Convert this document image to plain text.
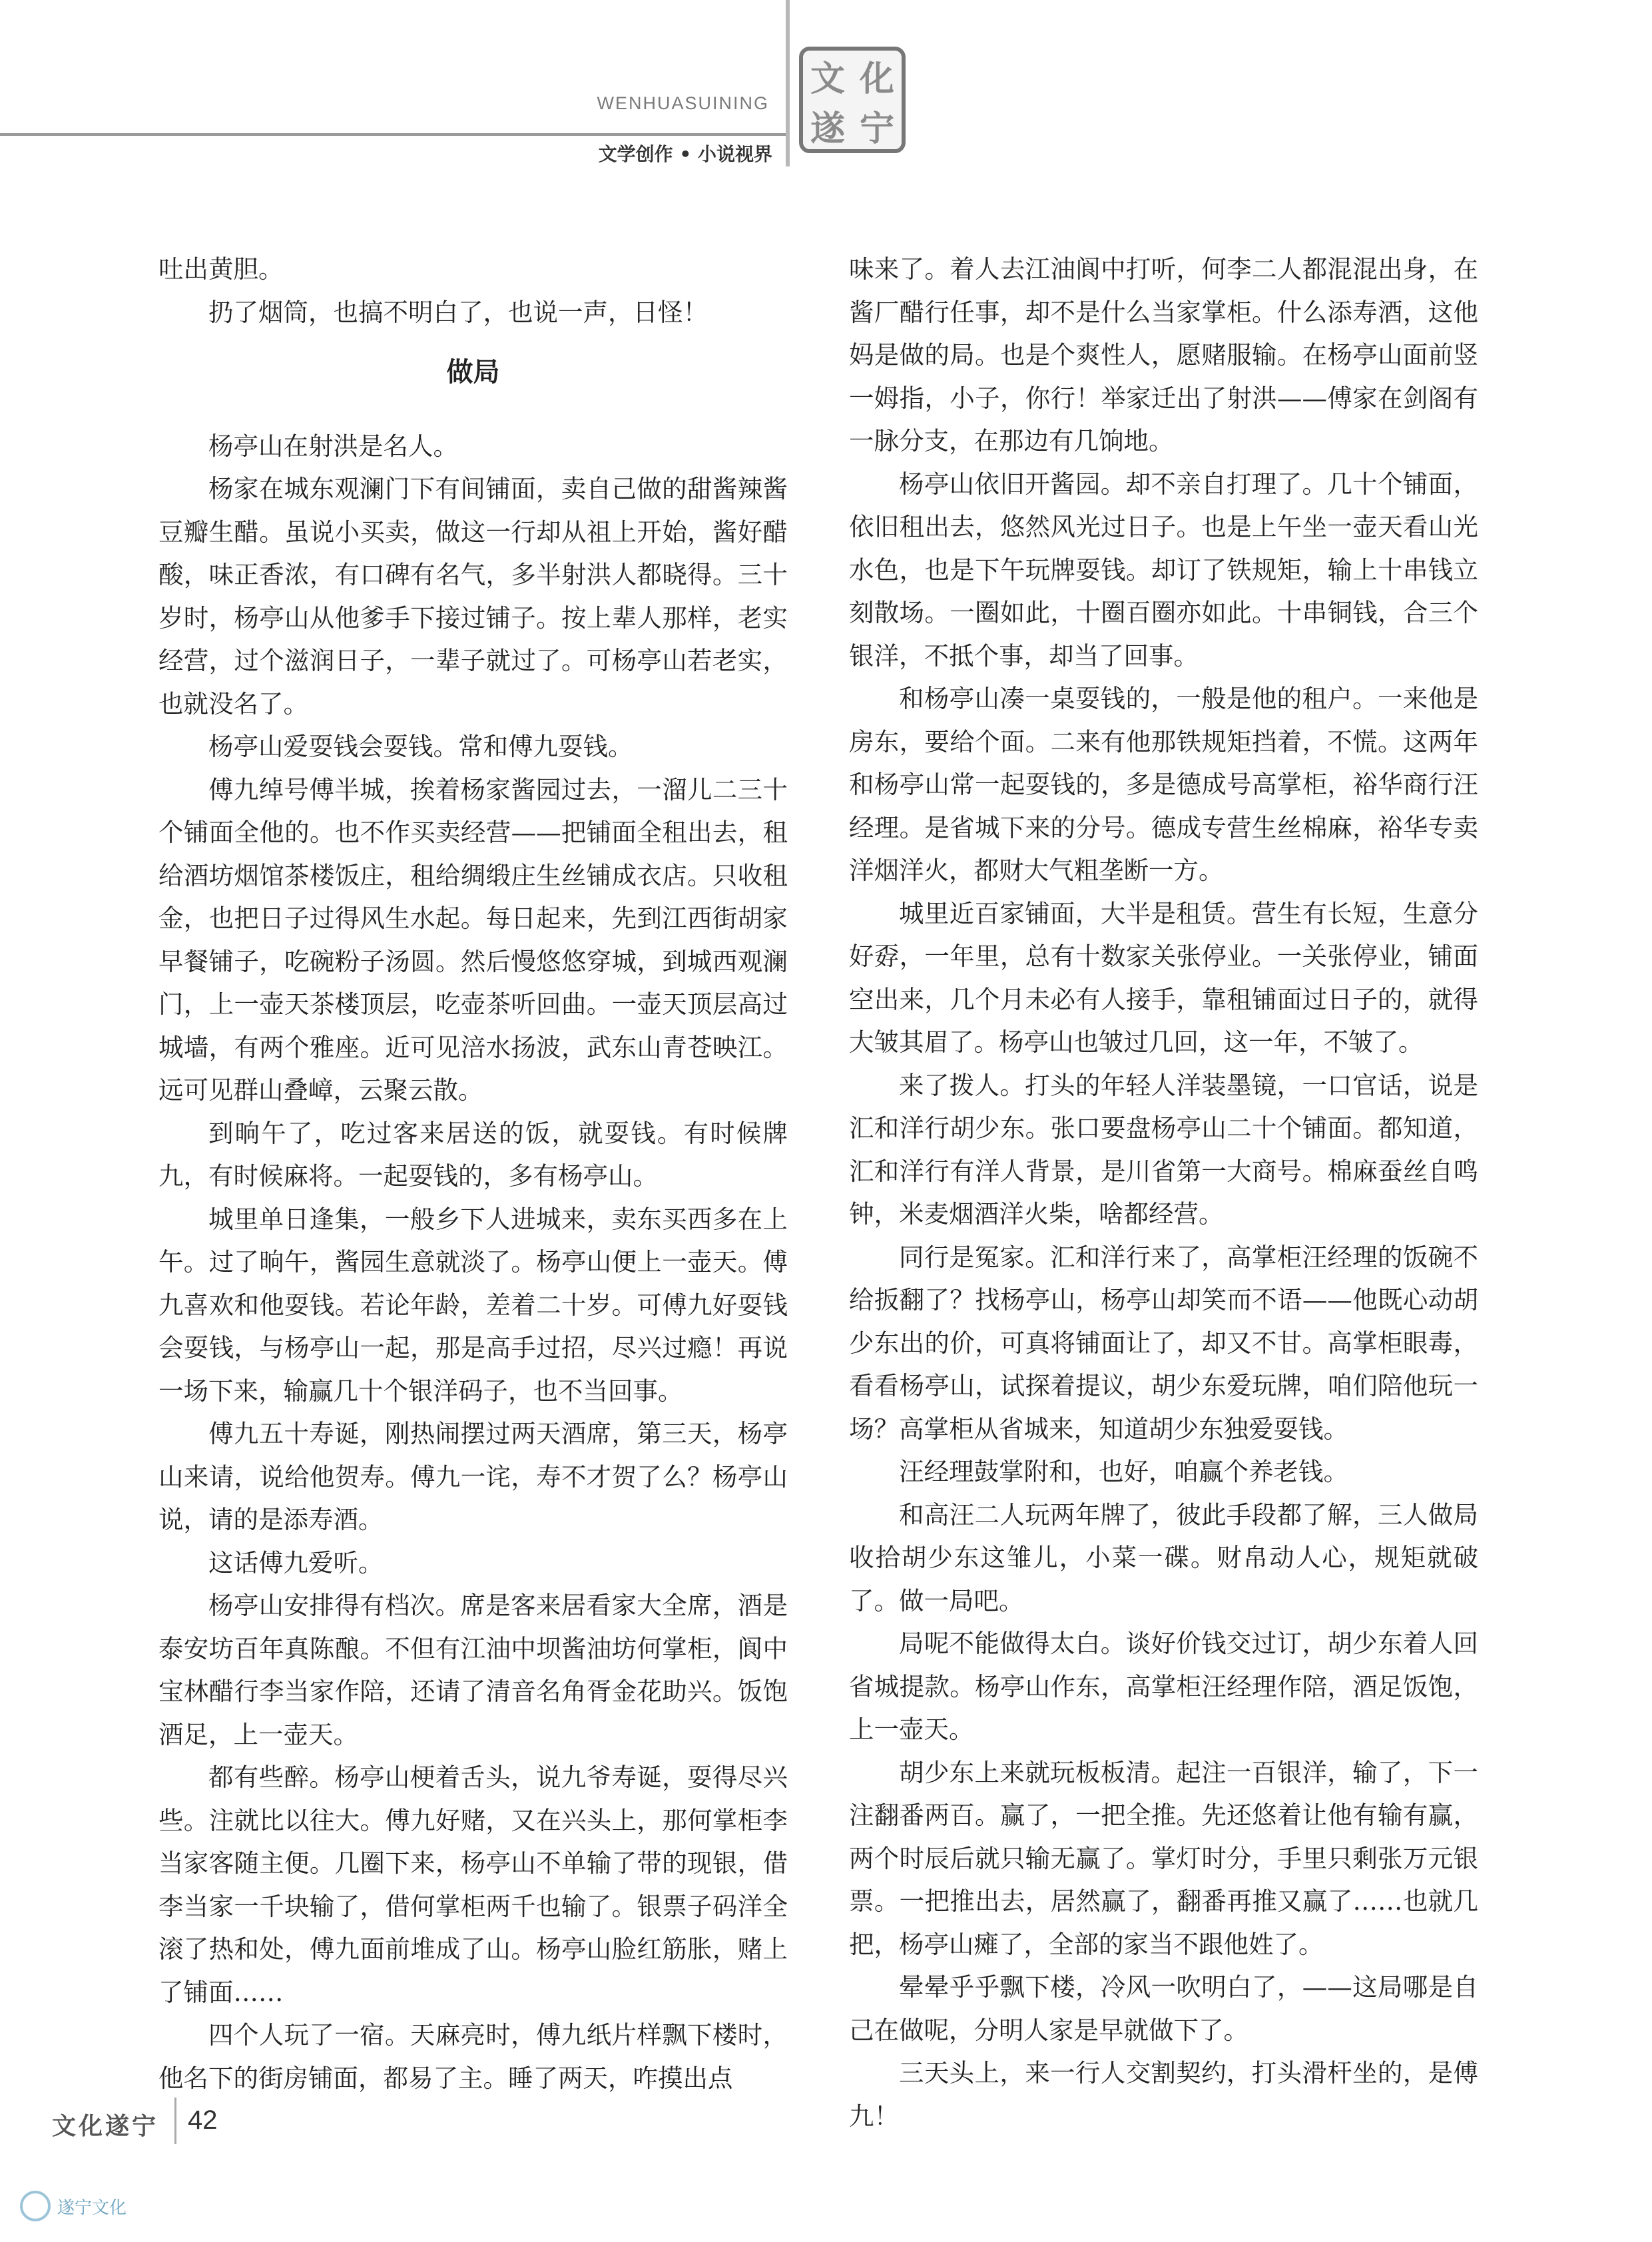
WENHUASUINING
文学创作 • 小说视界
文 化
遂 宁

吐出黄胆。

扔了烟筒，也搞不明白了，也说一声，日怪！

做局

杨亭山在射洪是名人。

杨家在城东观澜门下有间铺面，卖自己做的甜酱辣酱豆瓣生醋。虽说小买卖，做这一行却从祖上开始，酱好醋酸，味正香浓，有口碑有名气，多半射洪人都晓得。三十岁时，杨亭山从他爹手下接过铺子。按上辈人那样，老实经营，过个滋润日子，一辈子就过了。可杨亭山若老实，也就没名了。

杨亭山爱耍钱会耍钱。常和傅九耍钱。

傅九绰号傅半城，挨着杨家酱园过去，一溜儿二三十个铺面全他的。也不作买卖经营——把铺面全租出去，租给酒坊烟馆茶楼饭庄，租给绸缎庄生丝铺成衣店。只收租金，也把日子过得风生水起。每日起来，先到江西街胡家早餐铺子，吃碗粉子汤圆。然后慢悠悠穿城，到城西观澜门，上一壶天茶楼顶层，吃壶茶听回曲。一壶天顶层高过城墙，有两个雅座。近可见涪水扬波，武东山青苍映江。远可见群山叠嶂，云聚云散。

到晌午了，吃过客来居送的饭，就耍钱。有时候牌九，有时候麻将。一起耍钱的，多有杨亭山。

城里单日逢集，一般乡下人进城来，卖东买西多在上午。过了晌午，酱园生意就淡了。杨亭山便上一壶天。傅九喜欢和他耍钱。若论年龄，差着二十岁。可傅九好耍钱会耍钱，与杨亭山一起，那是高手过招，尽兴过瘾！再说一场下来，输赢几十个银洋码子，也不当回事。

傅九五十寿诞，刚热闹摆过两天酒席，第三天，杨亭山来请，说给他贺寿。傅九一诧，寿不才贺了么？杨亭山说，请的是添寿酒。

这话傅九爱听。

杨亭山安排得有档次。席是客来居看家大全席，酒是泰安坊百年真陈酿。不但有江油中坝酱油坊何掌柜，阆中宝林醋行李当家作陪，还请了清音名角胥金花助兴。饭饱酒足，上一壶天。

都有些醉。杨亭山梗着舌头，说九爷寿诞，耍得尽兴些。注就比以往大。傅九好赌，又在兴头上，那何掌柜李当家客随主便。几圈下来，杨亭山不单输了带的现银，借李当家一千块输了，借何掌柜两千也输了。银票子码洋全滚了热和处，傅九面前堆成了山。杨亭山脸红筋胀，赌上了铺面……

四个人玩了一宿。天麻亮时，傅九纸片样飘下楼时，他名下的街房铺面，都易了主。睡了两天，咋摸出点

味来了。着人去江油阆中打听，何李二人都混混出身，在酱厂醋行任事，却不是什么当家掌柜。什么添寿酒，这他妈是做的局。也是个爽性人，愿赌服输。在杨亭山面前竖一姆指，小子，你行！举家迁出了射洪——傅家在剑阁有一脉分支，在那边有几饷地。

杨亭山依旧开酱园。却不亲自打理了。几十个铺面，依旧租出去，悠然风光过日子。也是上午坐一壶天看山光水色，也是下午玩牌耍钱。却订了铁规矩，输上十串钱立刻散场。一圈如此，十圈百圈亦如此。十串铜钱，合三个银洋，不抵个事，却当了回事。

和杨亭山凑一桌耍钱的，一般是他的租户。一来他是房东，要给个面。二来有他那铁规矩挡着，不慌。这两年和杨亭山常一起耍钱的，多是德成号高掌柜，裕华商行汪经理。是省城下来的分号。德成专营生丝棉麻，裕华专卖洋烟洋火，都财大气粗垄断一方。

城里近百家铺面，大半是租赁。营生有长短，生意分好孬，一年里，总有十数家关张停业。一关张停业，铺面空出来，几个月未必有人接手，靠租铺面过日子的，就得大皱其眉了。杨亭山也皱过几回，这一年，不皱了。

来了拨人。打头的年轻人洋装墨镜，一口官话，说是汇和洋行胡少东。张口要盘杨亭山二十个铺面。都知道，汇和洋行有洋人背景，是川省第一大商号。棉麻蚕丝自鸣钟，米麦烟酒洋火柴，啥都经营。

同行是冤家。汇和洋行来了，高掌柜汪经理的饭碗不给扳翻了？找杨亭山，杨亭山却笑而不语——他既心动胡少东出的价，可真将铺面让了，却又不甘。高掌柜眼毒，看看杨亭山，试探着提议，胡少东爱玩牌，咱们陪他玩一场？高掌柜从省城来，知道胡少东独爱耍钱。

汪经理鼓掌附和，也好，咱赢个养老钱。

和高汪二人玩两年牌了，彼此手段都了解，三人做局收拾胡少东这雏儿，小菜一碟。财帛动人心，规矩就破了。做一局吧。

局呢不能做得太白。谈好价钱交过订，胡少东着人回省城提款。杨亭山作东，高掌柜汪经理作陪，酒足饭饱，上一壶天。

胡少东上来就玩板板清。起注一百银洋，输了，下一注翻番两百。赢了，一把全推。先还悠着让他有输有赢，两个时辰后就只输无赢了。掌灯时分，手里只剩张万元银票。一把推出去，居然赢了，翻番再推又赢了……也就几把，杨亭山瘫了，全部的家当不跟他姓了。

晕晕乎乎飘下楼，冷风一吹明白了，——这局哪是自己在做呢，分明人家是早就做下了。

三天头上，来一行人交割契约，打头滑杆坐的，是傅九！

文化遂宁 42
遂宁文化
